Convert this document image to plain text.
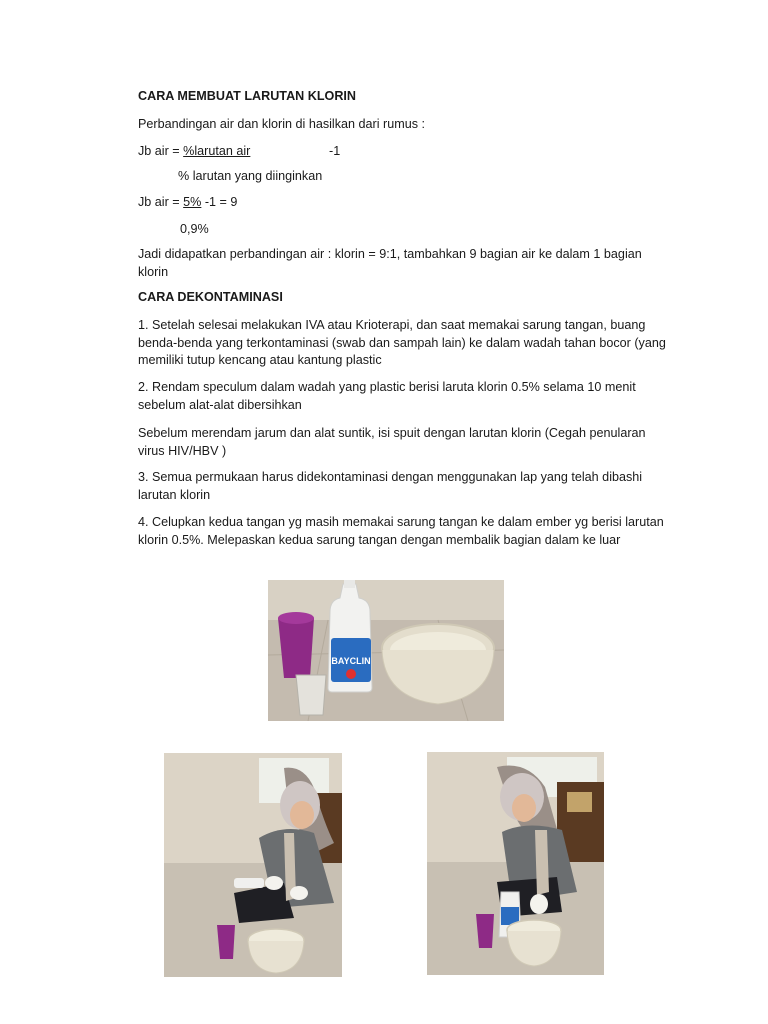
CARA MEMBUAT LARUTAN KLORIN

Perbandingan air dan klorin di hasilkan dari rumus :

Jb air = %larutan air	-1

% larutan yang diinginkan

Jb air = 5% -1 = 9

0,9%

Jadi didapatkan perbandingan air : klorin = 9:1, tambahkan 9 bagian air ke dalam 1 bagian klorin

CARA DEKONTAMINASI

1. Setelah selesai melakukan IVA atau Krioterapi, dan saat memakai sarung tangan, buang benda-benda yang terkontaminasi (swab dan sampah lain) ke dalam wadah tahan bocor (yang memiliki tutup kencang atau kantung plastic

2. Rendam speculum dalam wadah yang plastic berisi laruta klorin 0.5% selama 10 menit sebelum alat-alat dibersihkan

Sebelum merendam jarum dan alat suntik, isi spuit dengan larutan klorin (Cegah penularan virus HIV/HBV )

3. Semua permukaan harus didekontaminasi dengan menggunakan lap yang telah dibashi larutan klorin

4. Celupkan kedua tangan yg masih memakai sarung tangan ke dalam ember yg berisi larutan klorin 0.5%. Melepaskan kedua sarung tangan dengan membalik bagian dalam ke luar

BAYCLIN
